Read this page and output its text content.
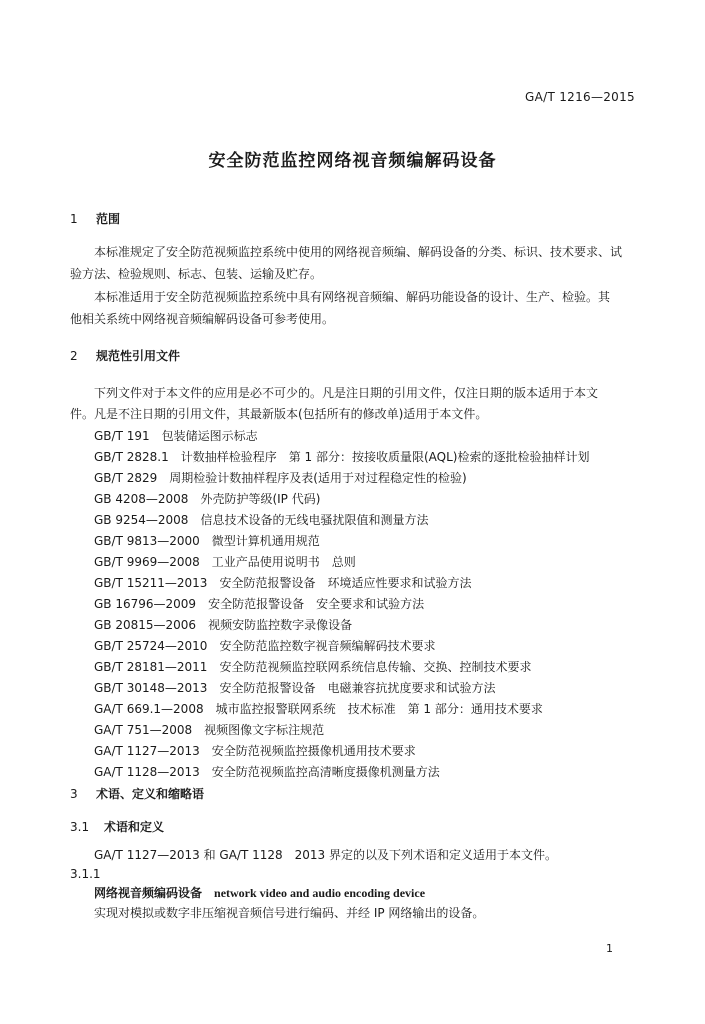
GA/T 1216—2015
安全防范监控网络视音频编解码设备
1 范围
本标准规定了安全防范视频监控系统中使用的网络视音频编、解码设备的分类、标识、技术要求、试
验方法、检验规则、标志、包装、运输及贮存。
本标准适用于安全防范视频监控系统中具有网络视音频编、解码功能设备的设计、生产、检验。其
他相关系统中网络视音频编解码设备可参考使用。
2 规范性引用文件
下列文件对于本文件的应用是必不可少的。凡是注日期的引用文件，仅注日期的版本适用于本文
件。凡是不注日期的引用文件，其最新版本(包括所有的修改单)适用于本文件。
GB/T 191 包装储运图示标志
GB/T 2828.1 计数抽样检验程序　第 1 部分：按接收质量限(AQL)检索的逐批检验抽样计划
GB/T 2829 周期检验计数抽样程序及表(适用于对过程稳定性的检验)
GB 4208—2008 外壳防护等级(IP 代码)
GB 9254—2008 信息技术设备的无线电骚扰限值和测量方法
GB/T 9813—2000 微型计算机通用规范
GB/T 9969—2008 工业产品使用说明书　总则
GB/T 15211—2013 安全防范报警设备　环境适应性要求和试验方法
GB 16796—2009 安全防范报警设备　安全要求和试验方法
GB 20815—2006 视频安防监控数字录像设备
GB/T 25724—2010 安全防范监控数字视音频编解码技术要求
GB/T 28181—2011 安全防范视频监控联网系统信息传输、交换、控制技术要求
GB/T 30148—2013 安全防范报警设备　电磁兼容抗扰度要求和试验方法
GA/T 669.1—2008 城市监控报警联网系统　技术标准　第 1 部分：通用技术要求
GA/T 751—2008 视频图像文字标注规范
GA/T 1127—2013 安全防范视频监控摄像机通用技术要求
GA/T 1128—2013 安全防范视频监控高清晰度摄像机测量方法
3 术语、定义和缩略语
3.1 术语和定义
GA/T 1127—2013 和 GA/T 1128　2013 界定的以及下列术语和定义适用于本文件。
3.1.1
网络视音频编码设备 network video and audio encoding device
实现对模拟或数字非压缩视音频信号进行编码、并经 IP 网络输出的设备。
1
